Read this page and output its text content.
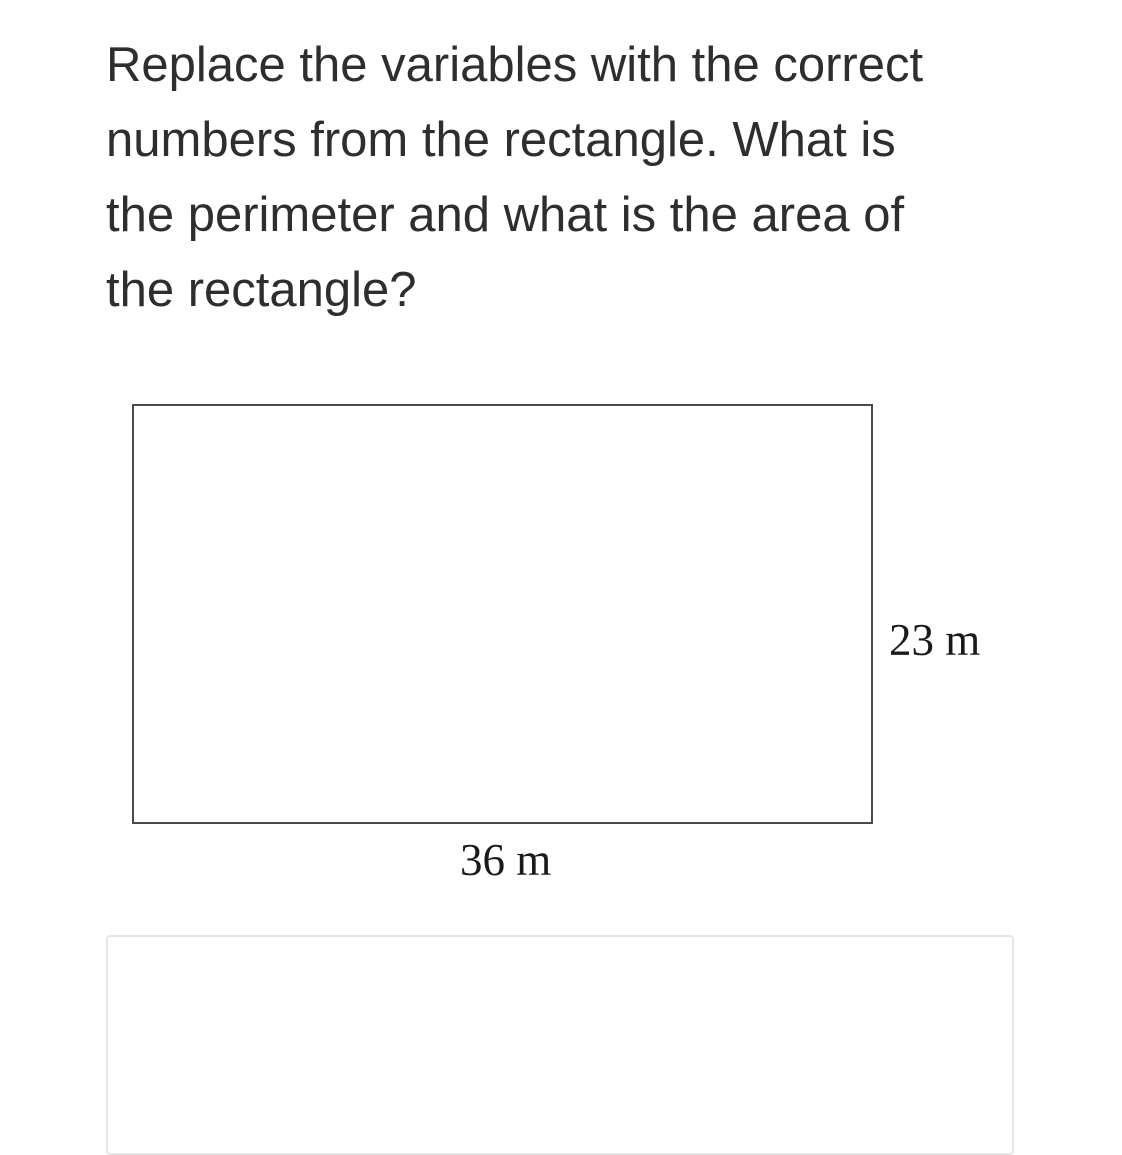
Replace the variables with the correct
numbers from the rectangle. What is
the perimeter and what is the area of
the rectangle?
23 m
36 m
